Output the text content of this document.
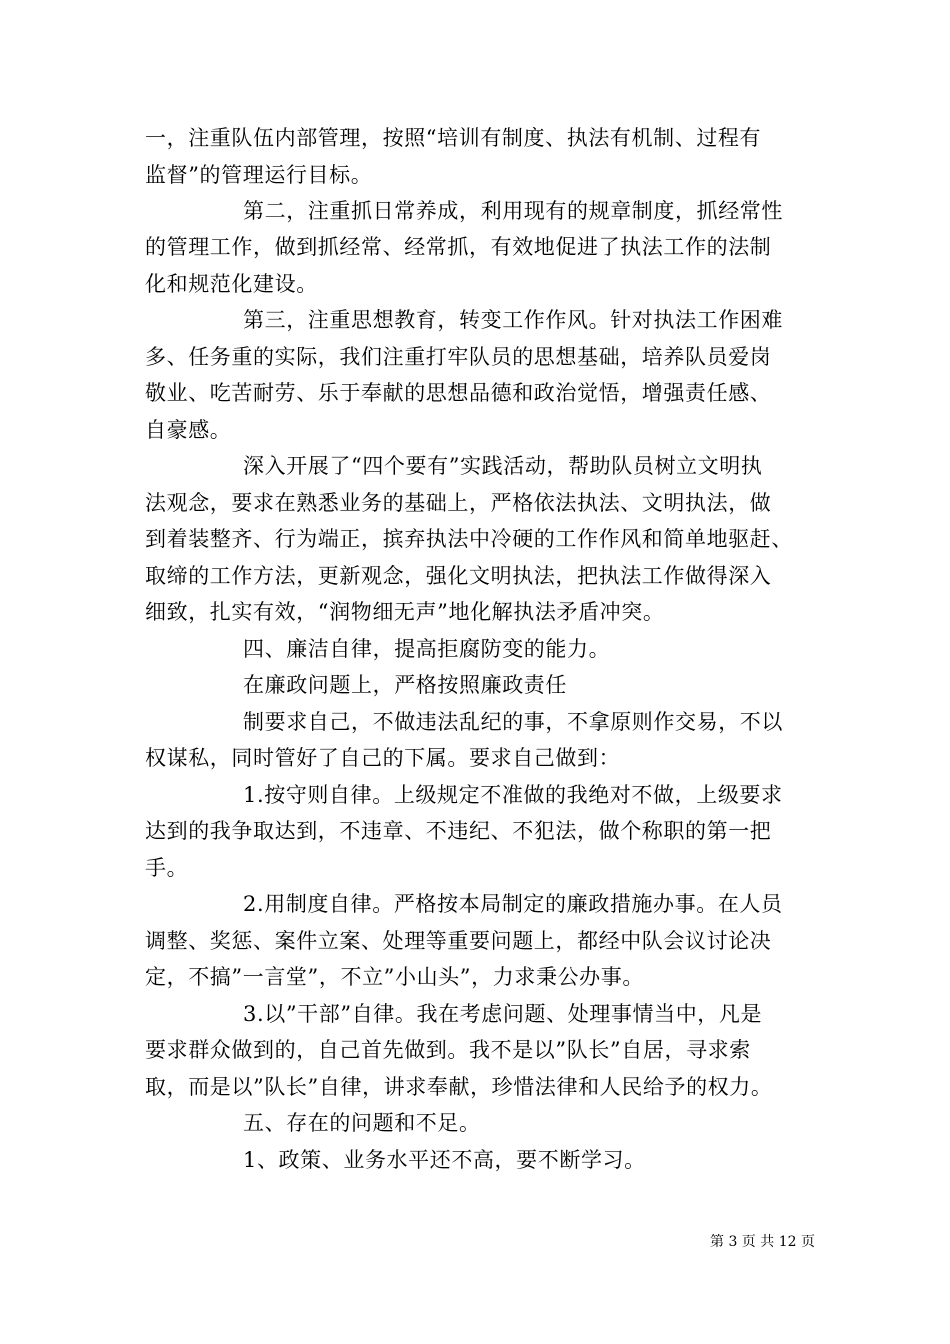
一，注重队伍内部管理，按照“培训有制度、执法有机制、过程有
监督”的管理运行目标。
第二，注重抓日常养成，利用现有的规章制度，抓经常性
的管理工作，做到抓经常、经常抓，有效地促进了执法工作的法制
化和规范化建设。
第三，注重思想教育，转变工作作风。针对执法工作困难
多、任务重的实际，我们注重打牢队员的思想基础，培养队员爱岗
敬业、吃苦耐劳、乐于奉献的思想品德和政治觉悟，增强责任感、
自豪感。
深入开展了“四个要有”实践活动，帮助队员树立文明执
法观念，要求在熟悉业务的基础上，严格依法执法、文明执法，做
到着装整齐、行为端正，摈弃执法中冷硬的工作作风和简单地驱赶、
取缔的工作方法，更新观念，强化文明执法，把执法工作做得深入
细致，扎实有效，“润物细无声”地化解执法矛盾冲突。
四、廉洁自律，提高拒腐防变的能力。
在廉政问题上，严格按照廉政责任
制要求自己，不做违法乱纪的事，不拿原则作交易，不以
权谋私，同时管好了自己的下属。要求自己做到：
1.按守则自律。上级规定不准做的我绝对不做，上级要求
达到的我争取达到，不违章、不违纪、不犯法，做个称职的第一把
手。
2.用制度自律。严格按本局制定的廉政措施办事。在人员
调整、奖惩、案件立案、处理等重要问题上，都经中队会议讨论决
定，不搞”一言堂”，不立”小山头”，力求秉公办事。
3.以”干部”自律。我在考虑问题、处理事情当中，凡是
要求群众做到的，自己首先做到。我不是以”队长”自居，寻求索
取，而是以”队长”自律，讲求奉献，珍惜法律和人民给予的权力。
五、存在的问题和不足。
1、政策、业务水平还不高，要不断学习。
第 3 页 共 12 页
